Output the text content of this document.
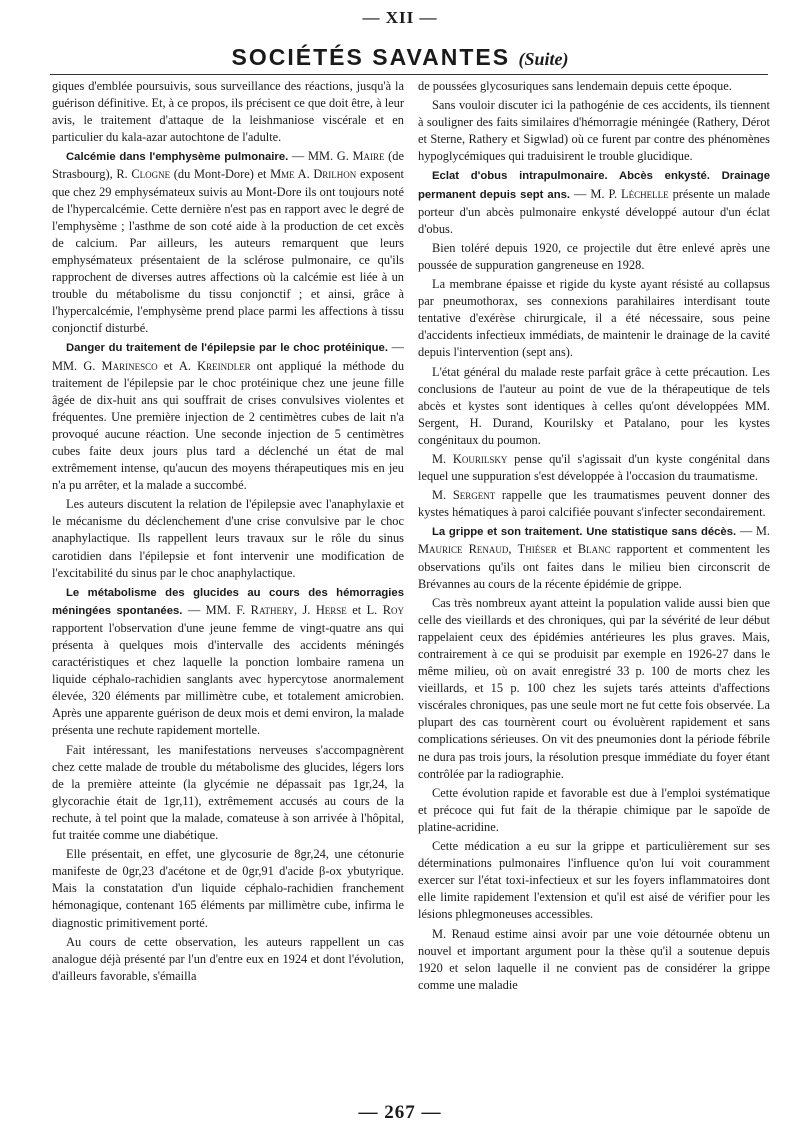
— XII —
SOCIÉTÉS SAVANTES (Suite)

giques d'emblée poursuivis, sous surveillance des réactions, jusqu'à la guérison définitive. Et, à ce propos, ils précisent ce que doit être, à leur avis, le traitement d'attaque de la leishmaniose viscérale et en particulier du kala-azar autochtone de l'adulte.

Calcémie dans l'emphysème pulmonaire. — MM. G. Maire (de Strasbourg), R. Clogne (du Mont-Dore) et Mme A. Drilhon exposent que chez 29 emphysémateux suivis au Mont-Dore ils ont toujours noté de l'hypercalcémie. Cette dernière n'est pas en rapport avec le degré de l'emphysème ; l'asthme de son coté aide à la production de cet excès de calcium. Par ailleurs, les auteurs remarquent que leurs emphysémateux présentaient de la sclérose pulmonaire, ce qu'ils rapprochent de diverses autres affections où la calcémie est liée à un trouble du métabolisme du tissu conjonctif ; et ainsi, grâce à l'hypercalcémie, l'emphysème prend place parmi les affections à tissu conjonctif disturbé.

Danger du traitement de l'épilepsie par le choc protéinique. — MM. G. Marinesco et A. Kreindler ont appliqué la méthode du traitement de l'épilepsie par le choc protéinique chez une jeune fille âgée de dix-huit ans qui souffrait de crises convulsives violentes et fréquentes. Une première injection de 2 centimètres cubes de lait n'a provoqué aucune réaction. Une seconde injection de 5 centimètres cubes faite deux jours plus tard a déclenché un état de mal extrêmement intense, qu'aucun des moyens thérapeutiques mis en jeu n'a pu arrêter, et la malade a succombé.

Les auteurs discutent la relation de l'épilepsie avec l'anaphylaxie et le mécanisme du déclenchement d'une crise convulsive par le choc anaphylactique. Ils rappellent leurs travaux sur le rôle du sinus carotidien dans l'épilepsie et font intervenir une modification de l'excitabilité du sinus par le choc anaphylactique.

Le métabolisme des glucides au cours des hémorragies méningées spontanées. — MM. F. Rathery, J. Herse et L. Roy rapportent l'observation d'une jeune femme de vingt-quatre ans qui présenta à quelques mois d'intervalle des accidents méningés caractéristiques et chez laquelle la ponction lombaire ramena un liquide céphalo-rachidien sanglants avec hypercytose anormalement élevée, 320 éléments par millimètre cube, et totalement amicrobien. Après une apparente guérison de deux mois et demi environ, la malade présenta une rechute rapidement mortelle.

Fait intéressant, les manifestations nerveuses s'accompagnèrent chez cette malade de trouble du métabolisme des glucides, légers lors de la première atteinte (la glycémie ne dépassait pas 1gr,24, la glycorachie était de 1gr,11), extrêmement accusés au cours de la rechute, à tel point que la malade, comateuse à son arrivée à l'hôpital, fut traitée comme une diabétique.

Elle présentait, en effet, une glycosurie de 8gr,24, une cétonurie manifeste de 0gr,23 d'acétone et de 0gr,91 d'acide β-ox ybutyrique. Mais la constatation d'un liquide céphalo-rachidien franchement hémonagique, contenant 165 éléments par millimètre cube, infirma le diagnostic primitivement porté.

Au cours de cette observation, les auteurs rappellent un cas analogue déjà présenté par l'un d'entre eux en 1924 et dont l'évolution, d'ailleurs favorable, s'émailla

de poussées glycosuriques sans lendemain depuis cette époque.

Sans vouloir discuter ici la pathogénie de ces accidents, ils tiennent à souligner des faits similaires d'hémorragie méningée (Rathery, Dérot et Sterne, Rathery et Sigwlad) où ce furent par contre des phénomènes hypoglycémiques qui traduisirent le trouble glucidique.

Eclat d'obus intrapulmonaire. Abcès enkysté. Drainage permanent depuis sept ans. — M. P. Léchelle présente un malade porteur d'un abcès pulmonaire enkysté développé autour d'un éclat d'obus.

Bien toléré depuis 1920, ce projectile dut être enlevé après une poussée de suppuration gangreneuse en 1928.

La membrane épaisse et rigide du kyste ayant résisté au collapsus par pneumothorax, ses connexions parahilaires interdisant toute tentative d'exérèse chirurgicale, il a été nécessaire, sous peine d'accidents infectieux immédiats, de maintenir le drainage de la cavité depuis l'intervention (sept ans).

L'état général du malade reste parfait grâce à cette précaution. Les conclusions de l'auteur au point de vue de la thérapeutique de tels abcès et kystes sont identiques à celles qu'ont développées MM. Sergent, H. Durand, Kourilsky et Patalano, pour les kystes congénitaux du poumon.

M. Kourilsky pense qu'il s'agissait d'un kyste congénital dans lequel une suppuration s'est développée à l'occasion du traumatisme.

M. Sergent rappelle que les traumatismes peuvent donner des kystes hématiques à paroi calcifiée pouvant s'infecter secondairement.

La grippe et son traitement. Une statistique sans décès. — M. Maurice Renaud, Thiéser et Blanc rapportent et commentent les observations qu'ils ont faites dans le milieu bien circonscrit de Brévannes au cours de la récente épidémie de grippe.

Cas très nombreux ayant atteint la population valide aussi bien que celle des vieillards et des chroniques, qui par la sévérité de leur début rappelaient ceux des épidémies antérieures les plus graves. Mais, contrairement à ce qui se produisit par exemple en 1926-27 dans le même milieu, où on avait enregistré 33 p. 100 de morts chez les vieillards, et 15 p. 100 chez les sujets tarés atteints d'affections viscérales chroniques, pas une seule mort ne fut cette fois observée. La plupart des cas tournèrent court ou évoluèrent rapidement et sans complications sérieuses. On vit des pneumonies dont la période fébrile ne dura pas trois jours, la résolution presque immédiate du foyer étant contrôlée par la radiographie.

Cette évolution rapide et favorable est due à l'emploi systématique et précoce qui fut fait de la thérapie chimique par le sapoïde de platine-acridine.

Cette médication a eu sur la grippe et particulièrement sur ses déterminations pulmonaires l'influence qu'on lui voit couramment exercer sur l'état toxi-infectieux et sur les foyers inflammatoires dont elle limite rapidement l'extension et qu'il est aisé de vérifier pour les lésions phlegmoneuses accessibles.

M. Renaud estime ainsi avoir par une voie détournée obtenu un nouvel et important argument pour la thèse qu'il a soutenue depuis 1920 et selon laquelle il ne convient pas de considérer la grippe comme une maladie

— 267 —
